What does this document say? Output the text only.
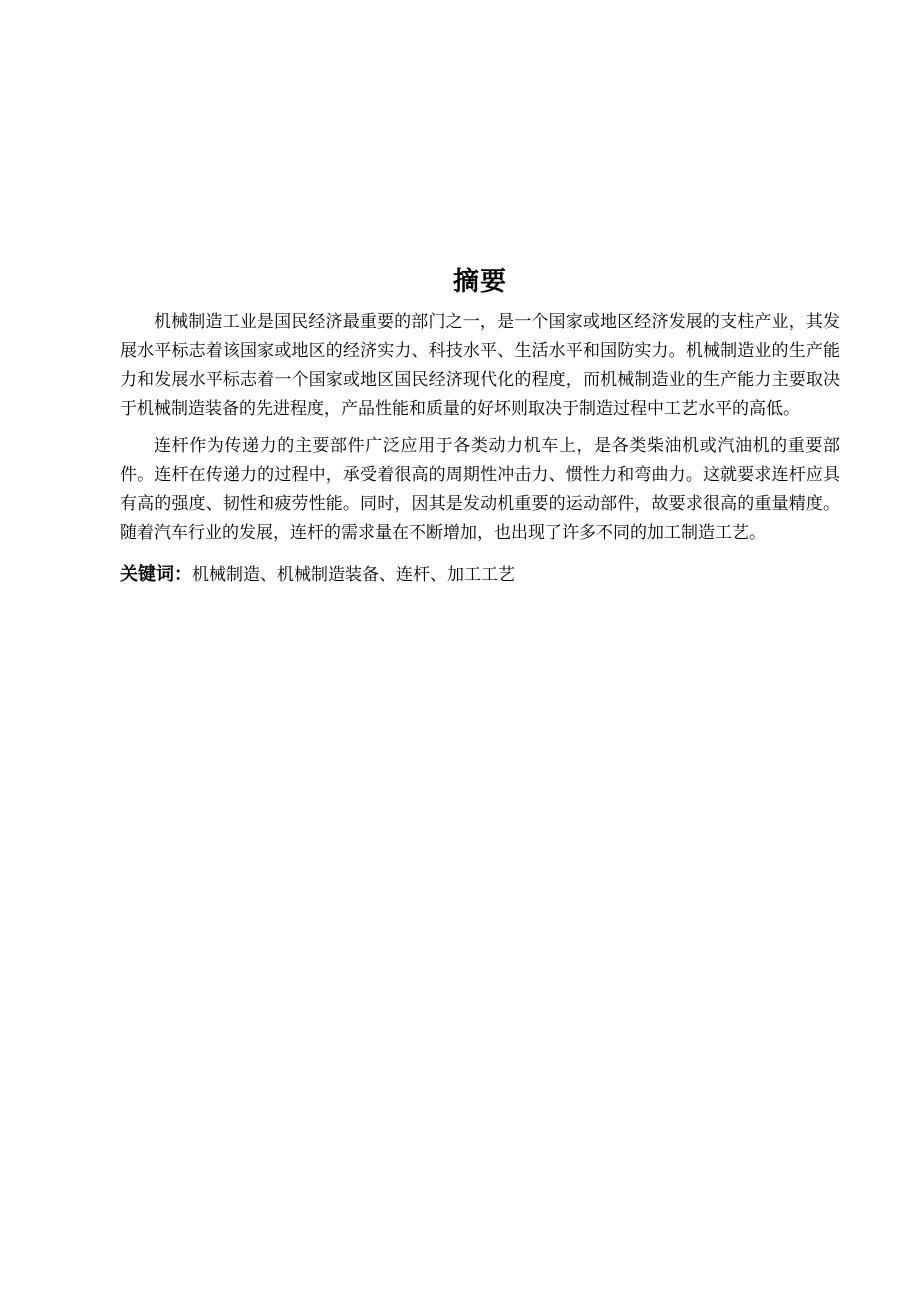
摘要

机械制造工业是国民经济最重要的部门之一，是一个国家或地区经济发展的支柱产业，其发展水平标志着该国家或地区的经济实力、科技水平、生活水平和国防实力。机械制造业的生产能力和发展水平标志着一个国家或地区国民经济现代化的程度，而机械制造业的生产能力主要取决于机械制造装备的先进程度，产品性能和质量的好坏则取决于制造过程中工艺水平的高低。

连杆作为传递力的主要部件广泛应用于各类动力机车上，是各类柴油机或汽油机的重要部件。连杆在传递力的过程中，承受着很高的周期性冲击力、惯性力和弯曲力。这就要求连杆应具有高的强度、韧性和疲劳性能。同时，因其是发动机重要的运动部件，故要求很高的重量精度。随着汽车行业的发展，连杆的需求量在不断增加，也出现了许多不同的加工制造工艺。

关键词：机械制造、机械制造装备、连杆、加工工艺
